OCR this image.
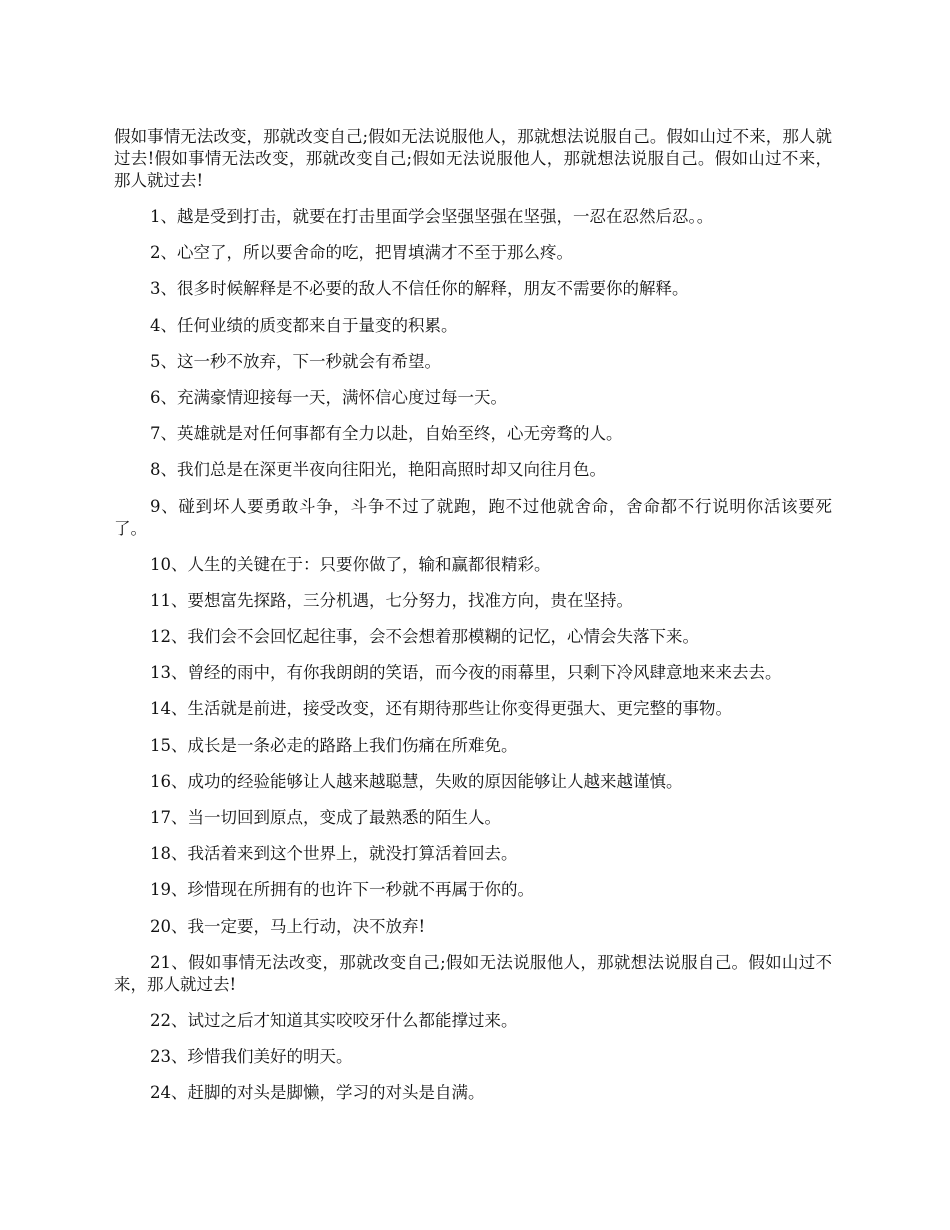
假如事情无法改变，那就改变自己;假如无法说服他人，那就想法说服自己。假如山过不来，那人就过去!假如事情无法改变，那就改变自己;假如无法说服他人，那就想法说服自己。假如山过不来，那人就过去!

1、越是受到打击，就要在打击里面学会坚强坚强在坚强，一忍在忍然后忍。。

2、心空了，所以要舍命的吃，把胃填满才不至于那么疼。

3、很多时候解释是不必要的敌人不信任你的解释，朋友不需要你的解释。

4、任何业绩的质变都来自于量变的积累。

5、这一秒不放弃，下一秒就会有希望。

6、充满豪情迎接每一天，满怀信心度过每一天。

7、英雄就是对任何事都有全力以赴，自始至终，心无旁骛的人。

8、我们总是在深更半夜向往阳光，艳阳高照时却又向往月色。

9、碰到坏人要勇敢斗争，斗争不过了就跑，跑不过他就舍命，舍命都不行说明你活该要死了。

10、人生的关键在于：只要你做了，输和赢都很精彩。

11、要想富先探路，三分机遇，七分努力，找准方向，贵在坚持。

12、我们会不会回忆起往事，会不会想着那模糊的记忆，心情会失落下来。

13、曾经的雨中，有你我朗朗的笑语，而今夜的雨幕里，只剩下冷风肆意地来来去去。

14、生活就是前进，接受改变，还有期待那些让你变得更强大、更完整的事物。

15、成长是一条必走的路路上我们伤痛在所难免。

16、成功的经验能够让人越来越聪慧，失败的原因能够让人越来越谨慎。

17、当一切回到原点，变成了最熟悉的陌生人。

18、我活着来到这个世界上，就没打算活着回去。

19、珍惜现在所拥有的也许下一秒就不再属于你的。

20、我一定要，马上行动，决不放弃!

21、假如事情无法改变，那就改变自己;假如无法说服他人，那就想法说服自己。假如山过不来，那人就过去!

22、试过之后才知道其实咬咬牙什么都能撑过来。

23、珍惜我们美好的明天。

24、赶脚的对头是脚懒，学习的对头是自满。
